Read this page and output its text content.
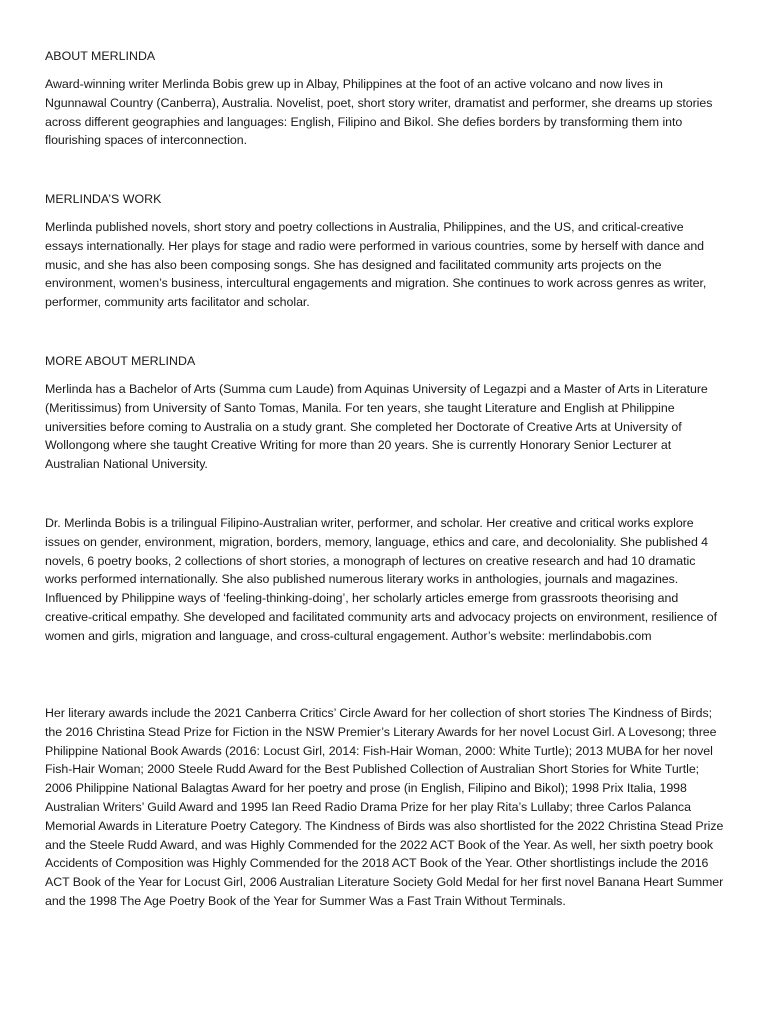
ABOUT MERLINDA

Award-winning writer Merlinda Bobis grew up in Albay, Philippines at the foot of an active volcano and now lives in Ngunnawal Country (Canberra), Australia. Novelist, poet, short story writer, dramatist and performer, she dreams up stories across different geographies and languages: English, Filipino and Bikol. She defies borders by transforming them into flourishing spaces of interconnection.

MERLINDA’S WORK

Merlinda published novels, short story and poetry collections in Australia, Philippines, and the US, and critical-creative essays internationally. Her plays for stage and radio were performed in various countries, some by herself with dance and music, and she has also been composing songs. She has designed and facilitated community arts projects on the environment, women’s business, intercultural engagements and migration. She continues to work across genres as writer, performer, community arts facilitator and scholar.

MORE ABOUT MERLINDA

Merlinda has a Bachelor of Arts (Summa cum Laude) from Aquinas University of Legazpi and a Master of Arts in Literature (Meritissimus) from University of Santo Tomas, Manila. For ten years, she taught Literature and English at Philippine universities before coming to Australia on a study grant. She completed her Doctorate of Creative Arts at University of Wollongong where she taught Creative Writing for more than 20 years. She is currently Honorary Senior Lecturer at Australian National University.

Dr. Merlinda Bobis is a trilingual Filipino-Australian writer, performer, and scholar. Her creative and critical works explore issues on gender, environment, migration, borders, memory, language, ethics and care, and decoloniality. She published 4 novels, 6 poetry books, 2 collections of short stories, a monograph of lectures on creative research and had 10 dramatic works performed internationally. She also published numerous literary works in anthologies, journals and magazines. Influenced by Philippine ways of ‘feeling-thinking-doing’, her scholarly articles emerge from grassroots theorising and creative-critical empathy. She developed and facilitated community arts and advocacy projects on environment, resilience of women and girls, migration and language, and cross-cultural engagement. Author’s website: merlindabobis.com

Her literary awards include the 2021 Canberra Critics’ Circle Award for her collection of short stories The Kindness of Birds; the 2016 Christina Stead Prize for Fiction in the NSW Premier’s Literary Awards for her novel Locust Girl. A Lovesong; three Philippine National Book Awards (2016: Locust Girl, 2014: Fish-Hair Woman, 2000: White Turtle); 2013 MUBA for her novel Fish-Hair Woman; 2000 Steele Rudd Award for the Best Published Collection of Australian Short Stories for White Turtle; 2006 Philippine National Balagtas Award for her poetry and prose (in English, Filipino and Bikol); 1998 Prix Italia, 1998 Australian Writers’ Guild Award and 1995 Ian Reed Radio Drama Prize for her play Rita’s Lullaby; three Carlos Palanca Memorial Awards in Literature Poetry Category. The Kindness of Birds was also shortlisted for the 2022 Christina Stead Prize and the Steele Rudd Award, and was Highly Commended for the 2022 ACT Book of the Year. As well, her sixth poetry book Accidents of Composition was Highly Commended for the 2018 ACT Book of the Year. Other shortlistings include the 2016 ACT Book of the Year for Locust Girl, 2006 Australian Literature Society Gold Medal for her first novel Banana Heart Summer and the 1998 The Age Poetry Book of the Year for Summer Was a Fast Train Without Terminals.
